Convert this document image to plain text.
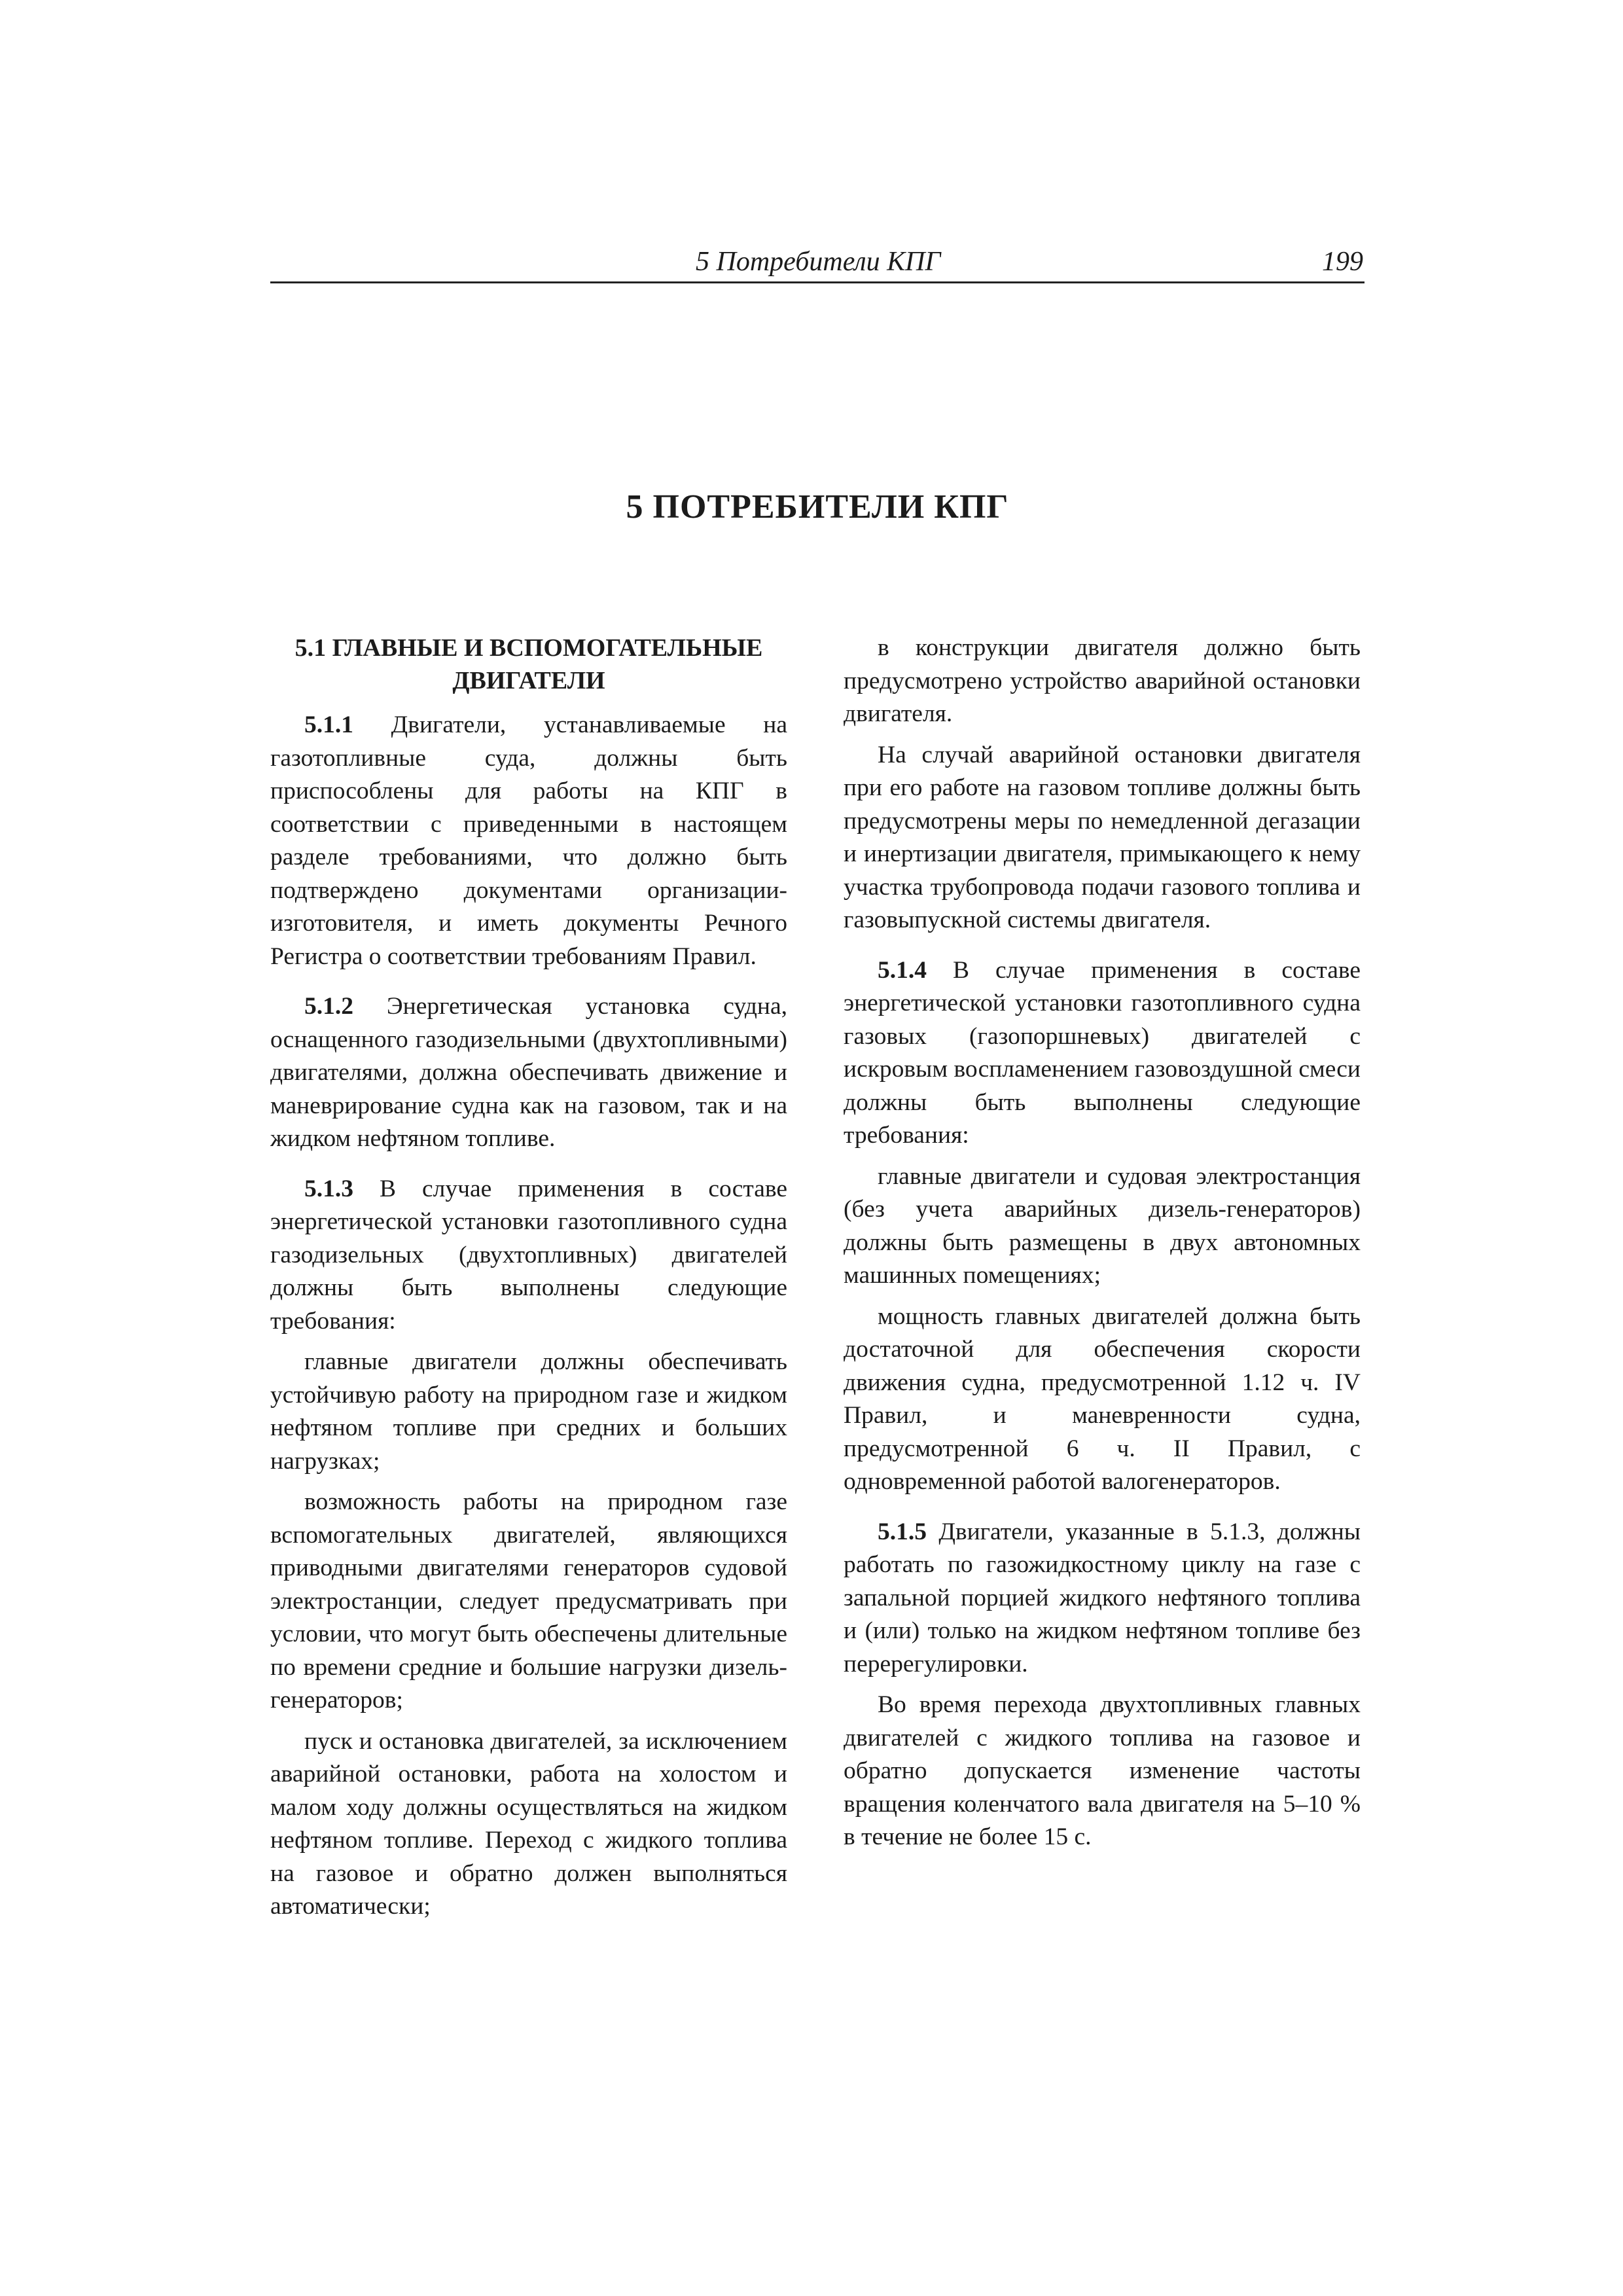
5 Потребители КПГ	199
5 ПОТРЕБИТЕЛИ КПГ
5.1 ГЛАВНЫЕ И ВСПОМОГАТЕЛЬНЫЕ ДВИГАТЕЛИ

5.1.1 Двигатели, устанавливаемые на газотопливные суда, должны быть приспособлены для работы на КПГ в соответствии с приведенными в настоящем разделе требованиями, что должно быть подтверждено документами организации-изготовителя, и иметь документы Речного Регистра о соответствии требованиям Правил.

5.1.2 Энергетическая установка судна, оснащенного газодизельными (двухтопливными) двигателями, должна обеспечивать движение и маневрирование судна как на газовом, так и на жидком нефтяном топливе.

5.1.3 В случае применения в составе энергетической установки газотопливного судна газодизельных (двухтопливных) двигателей должны быть выполнены следующие требования:

главные двигатели должны обеспечивать устойчивую работу на природном газе и жидком нефтяном топливе при средних и больших нагрузках;

возможность работы на природном газе вспомогательных двигателей, являющихся приводными двигателями генераторов судовой электростанции, следует предусматривать при условии, что могут быть обеспечены длительные по времени средние и большие нагрузки дизель-генераторов;

пуск и остановка двигателей, за исключением аварийной остановки, работа на холостом и малом ходу должны осуществляться на жидком нефтяном топливе. Переход с жидкого топлива на газовое и обратно должен выполняться автоматически;

в конструкции двигателя должно быть предусмотрено устройство аварийной остановки двигателя.

На случай аварийной остановки двигателя при его работе на газовом топливе должны быть предусмотрены меры по немедленной дегазации и инертизации двигателя, примыкающего к нему участка трубопровода подачи газового топлива и газовыпускной системы двигателя.

5.1.4 В случае применения в составе энергетической установки газотопливного судна газовых (газопоршневых) двигателей с искровым воспламенением газовоздушной смеси должны быть выполнены следующие требования:

главные двигатели и судовая электростанция (без учета аварийных дизель-генераторов) должны быть размещены в двух автономных машинных помещениях;

мощность главных двигателей должна быть достаточной для обеспечения скорости движения судна, предусмотренной 1.12 ч. IV Правил, и маневренности судна, предусмотренной 6 ч. II Правил, с одновременной работой валогенераторов.

5.1.5 Двигатели, указанные в 5.1.3, должны работать по газожидкостному циклу на газе с запальной порцией жидкого нефтяного топлива и (или) только на жидком нефтяном топливе без перерегулировки.

Во время перехода двухтопливных главных двигателей с жидкого топлива на газовое и обратно допускается изменение частоты вращения коленчатого вала двигателя на 5–10 % в течение не более 15 с.
